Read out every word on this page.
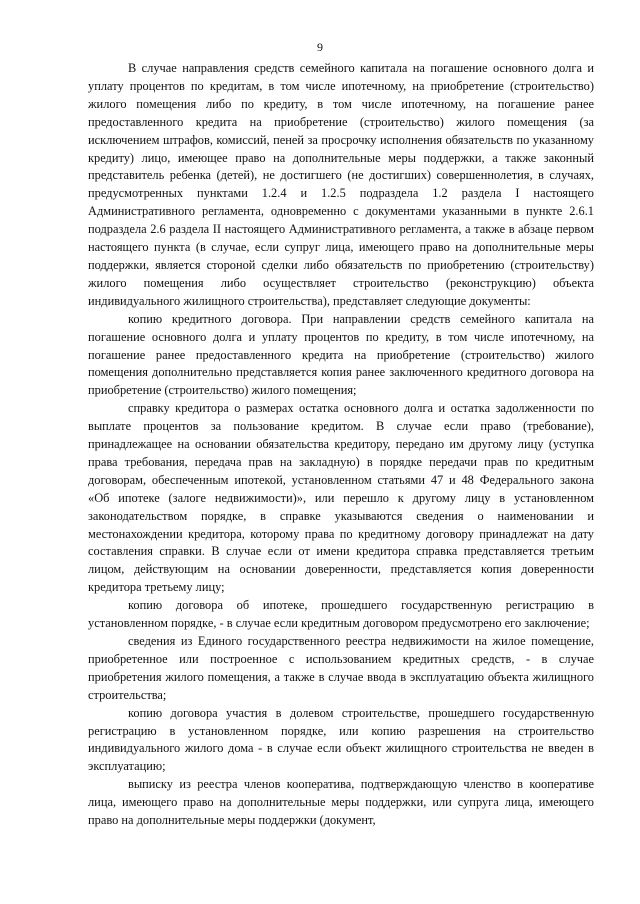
9

В случае направления средств семейного капитала на погашение основного долга и уплату процентов по кредитам, в том числе ипотечному, на приобретение (строительство) жилого помещения либо по кредиту, в том числе ипотечному, на погашение ранее предоставленного кредита на приобретение (строительство) жилого помещения (за исключением штрафов, комиссий, пеней за просрочку исполнения обязательств по указанному кредиту) лицо, имеющее право на дополнительные меры поддержки, а также законный представитель ребенка (детей), не достигшего (не достигших) совершеннолетия, в случаях, предусмотренных пунктами 1.2.4 и 1.2.5 подраздела 1.2 раздела I настоящего Административного регламента, одновременно с документами указанными в пункте 2.6.1 подраздела 2.6 раздела II настоящего Административного регламента, а также в абзаце первом настоящего пункта (в случае, если супруг лица, имеющего право на дополнительные меры поддержки, является стороной сделки либо обязательств по приобретению (строительству) жилого помещения либо осуществляет строительство (реконструкцию) объекта индивидуального жилищного строительства), представляет следующие документы:

копию кредитного договора. При направлении средств семейного капитала на погашение основного долга и уплату процентов по кредиту, в том числе ипотечному, на погашение ранее предоставленного кредита на приобретение (строительство) жилого помещения дополнительно представляется копия ранее заключенного кредитного договора на приобретение (строительство) жилого помещения;

справку кредитора о размерах остатка основного долга и остатка задолженности по выплате процентов за пользование кредитом. В случае если право (требование), принадлежащее на основании обязательства кредитору, передано им другому лицу (уступка права требования, передача прав на закладную) в порядке передачи прав по кредитным договорам, обеспеченным ипотекой, установленном статьями 47 и 48 Федерального закона «Об ипотеке (залоге недвижимости)», или перешло к другому лицу в установленном законодательством порядке, в справке указываются сведения о наименовании и местонахождении кредитора, которому права по кредитному договору принадлежат на дату составления справки. В случае если от имени кредитора справка представляется третьим лицом, действующим на основании доверенности, представляется копия доверенности кредитора третьему лицу;

копию договора об ипотеке, прошедшего государственную регистрацию в установленном порядке, - в случае если кредитным договором предусмотрено его заключение;

сведения из Единого государственного реестра недвижимости на жилое помещение, приобретенное или построенное с использованием кредитных средств, - в случае приобретения жилого помещения, а также в случае ввода в эксплуатацию объекта жилищного строительства;

копию договора участия в долевом строительстве, прошедшего государственную регистрацию в установленном порядке, или копию разрешения на строительство индивидуального жилого дома - в случае если объект жилищного строительства не введен в эксплуатацию;

выписку из реестра членов кооператива, подтверждающую членство в кооперативе лица, имеющего право на дополнительные меры поддержки, или супруга лица, имеющего право на дополнительные меры поддержки (документ,
